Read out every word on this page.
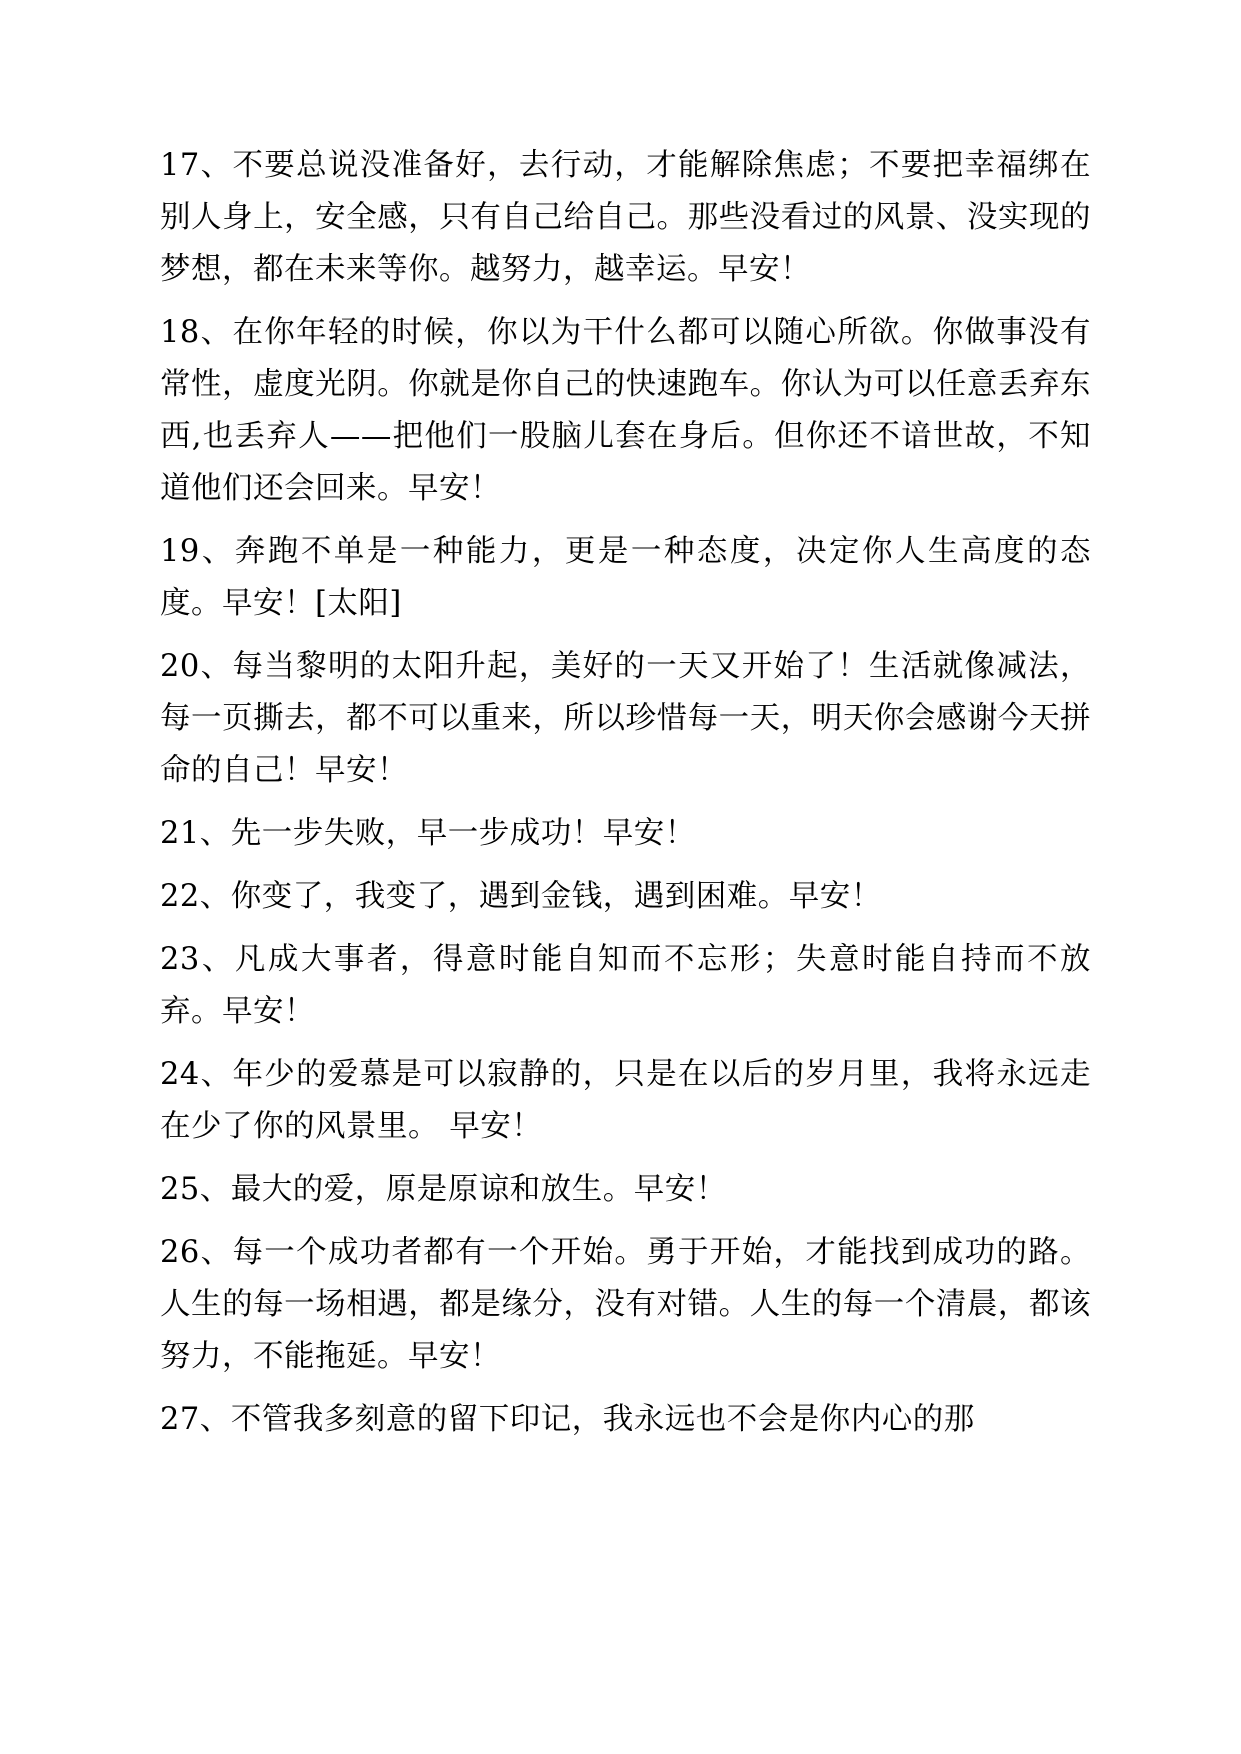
17、不要总说没准备好，去行动，才能解除焦虑；不要把幸福绑在别人身上，安全感，只有自己给自己。那些没看过的风景、没实现的梦想，都在未来等你。越努力，越幸运。早安！

18、在你年轻的时候，你以为干什么都可以随心所欲。你做事没有常性，虚度光阴。你就是你自己的快速跑车。你认为可以任意丢弃东西,也丢弃人——把他们一股脑儿套在身后。但你还不谙世故，不知道他们还会回来。早安！

19、奔跑不单是一种能力，更是一种态度，决定你人生高度的态度。早安！[太阳]

20、每当黎明的太阳升起，美好的一天又开始了！生活就像减法，每一页撕去，都不可以重来，所以珍惜每一天，明天你会感谢今天拼命的自己！早安！

21、先一步失败，早一步成功！早安！

22、你变了，我变了，遇到金钱，遇到困难。早安！

23、凡成大事者，得意时能自知而不忘形；失意时能自持而不放弃。早安！

24、年少的爱慕是可以寂静的，只是在以后的岁月里，我将永远走在少了你的风景里。 早安！

25、最大的爱，原是原谅和放生。早安！

26、每一个成功者都有一个开始。勇于开始，才能找到成功的路。人生的每一场相遇，都是缘分，没有对错。人生的每一个清晨，都该努力，不能拖延。早安！

27、不管我多刻意的留下印记，我永远也不会是你内心的那
